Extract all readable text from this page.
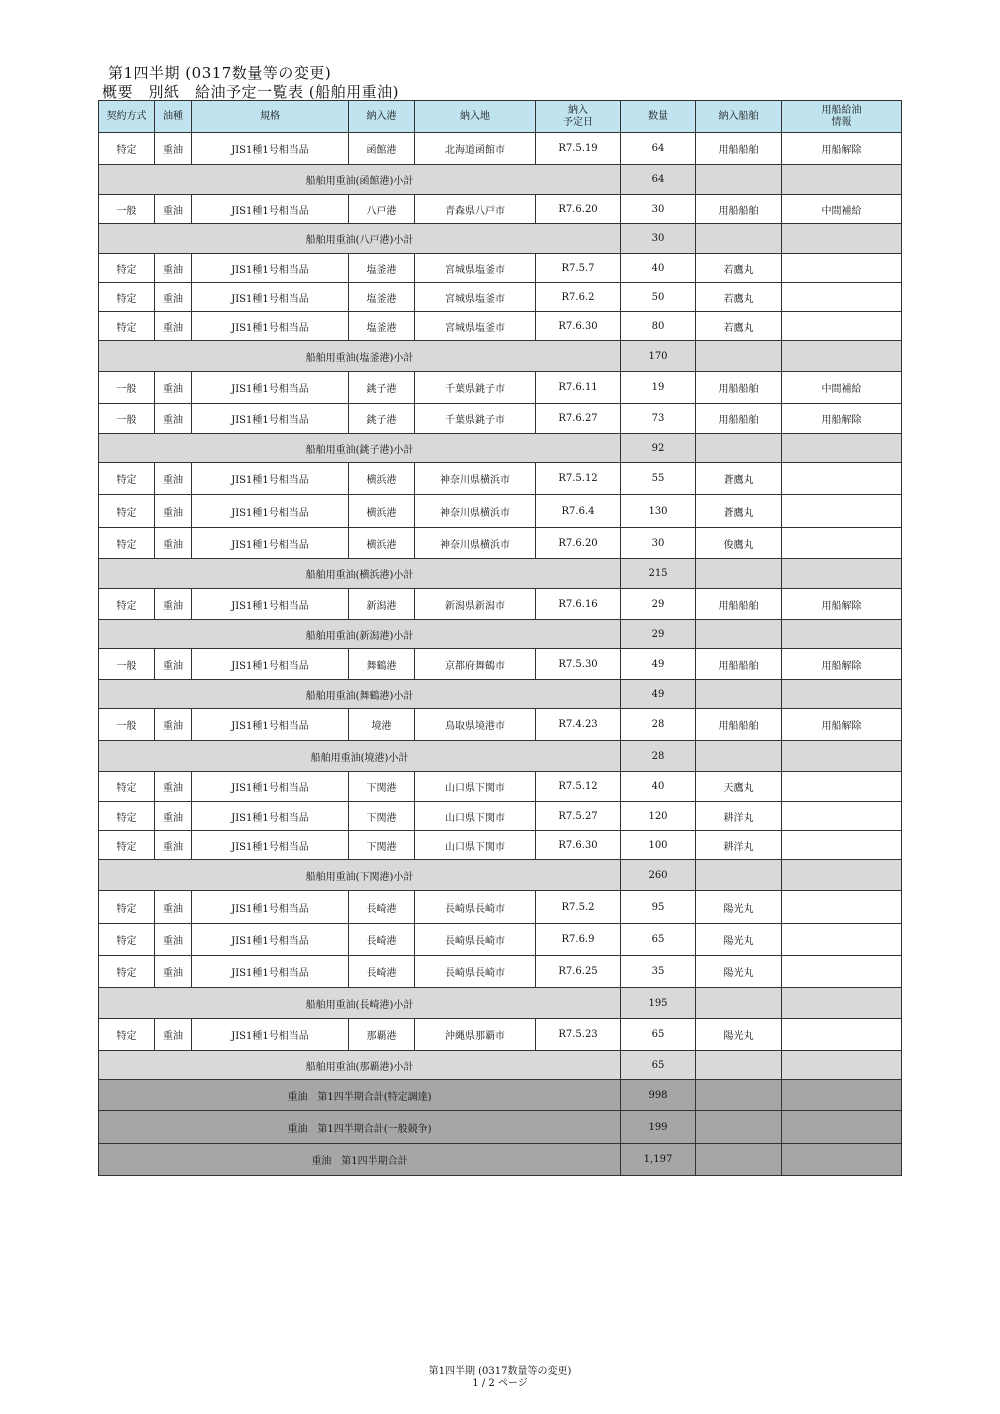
第1四半期 (0317数量等の変更)
概要　別紙　給油予定一覧表 (船舶用重油)
契約方式	油種	規格	納入港	納入地	納入
予定日	数量	納入船舶	用船給油
情報
特定	重油	JIS1種1号相当品	函館港	北海道函館市	R7.5.19	64	用船船舶	用船解除
船舶用重油(函館港)小計						64		
一般	重油	JIS1種1号相当品	八戸港	青森県八戸市	R7.6.20	30	用船船舶	中間補給
船舶用重油(八戸港)小計						30		
特定	重油	JIS1種1号相当品	塩釜港	宮城県塩釜市	R7.5.7	40	若鷹丸	
特定	重油	JIS1種1号相当品	塩釜港	宮城県塩釜市	R7.6.2	50	若鷹丸	
特定	重油	JIS1種1号相当品	塩釜港	宮城県塩釜市	R7.6.30	80	若鷹丸	
船舶用重油(塩釜港)小計						170		
一般	重油	JIS1種1号相当品	銚子港	千葉県銚子市	R7.6.11	19	用船船舶	中間補給
一般	重油	JIS1種1号相当品	銚子港	千葉県銚子市	R7.6.27	73	用船船舶	用船解除
船舶用重油(銚子港)小計						92		
特定	重油	JIS1種1号相当品	横浜港	神奈川県横浜市	R7.5.12	55	蒼鷹丸	
特定	重油	JIS1種1号相当品	横浜港	神奈川県横浜市	R7.6.4	130	蒼鷹丸	
特定	重油	JIS1種1号相当品	横浜港	神奈川県横浜市	R7.6.20	30	俊鷹丸	
船舶用重油(横浜港)小計						215		
特定	重油	JIS1種1号相当品	新潟港	新潟県新潟市	R7.6.16	29	用船船舶	用船解除
船舶用重油(新潟港)小計						29		
一般	重油	JIS1種1号相当品	舞鶴港	京都府舞鶴市	R7.5.30	49	用船船舶	用船解除
船舶用重油(舞鶴港)小計						49		
一般	重油	JIS1種1号相当品	境港	鳥取県境港市	R7.4.23	28	用船船舶	用船解除
船舶用重油(境港)小計						28		
特定	重油	JIS1種1号相当品	下関港	山口県下関市	R7.5.12	40	天鷹丸	
特定	重油	JIS1種1号相当品	下関港	山口県下関市	R7.5.27	120	耕洋丸	
特定	重油	JIS1種1号相当品	下関港	山口県下関市	R7.6.30	100	耕洋丸	
船舶用重油(下関港)小計						260		
特定	重油	JIS1種1号相当品	長崎港	長崎県長崎市	R7.5.2	95	陽光丸	
特定	重油	JIS1種1号相当品	長崎港	長崎県長崎市	R7.6.9	65	陽光丸	
特定	重油	JIS1種1号相当品	長崎港	長崎県長崎市	R7.6.25	35	陽光丸	
船舶用重油(長崎港)小計						195		
特定	重油	JIS1種1号相当品	那覇港	沖縄県那覇市	R7.5.23	65	陽光丸	
船舶用重油(那覇港)小計						65		
重油　第1四半期合計(特定調達)						998		
重油　第1四半期合計(一般競争)						199		
重油　第1四半期合計						1,197		
第1四半期 (0317数量等の変更)
1 / 2 ページ
